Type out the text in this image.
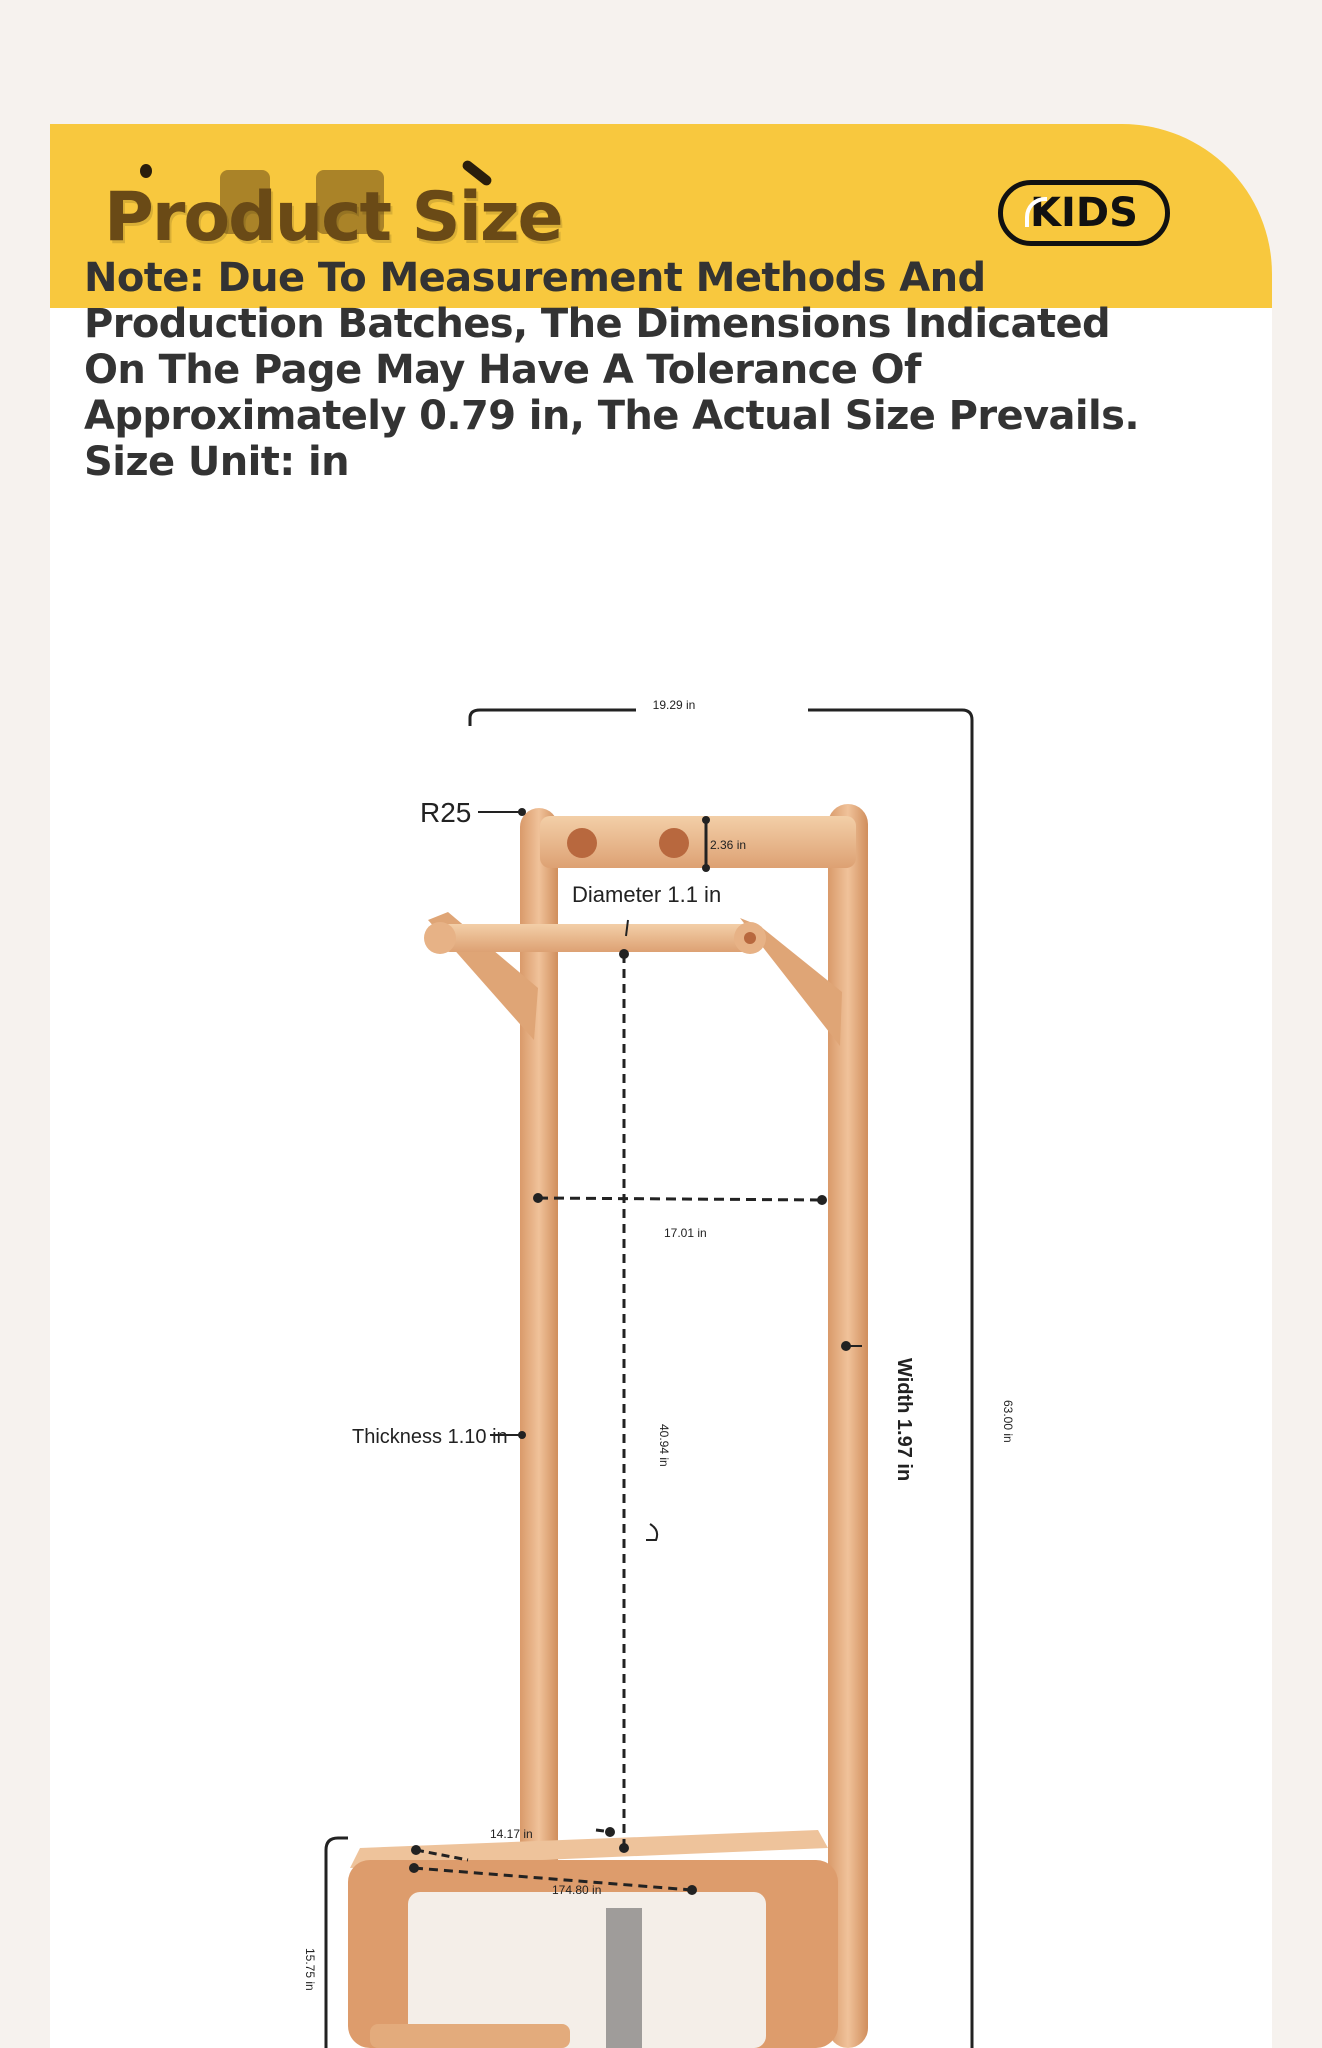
Product Size	KIDS
Note: Due To Measurement Methods And
Production Batches, The Dimensions Indicated
On The Page May Have A Tolerance Of
Approximately 0.79 in, The Actual Size Prevails.
Size Unit: in
19.29 in
R25
2.36 in
Diameter 1.1 in
17.01 in
40.94 in
Thickness 1.10 in	Width 1.97 in	63.00 in
14.17 in
174.80 in
15.75 in
